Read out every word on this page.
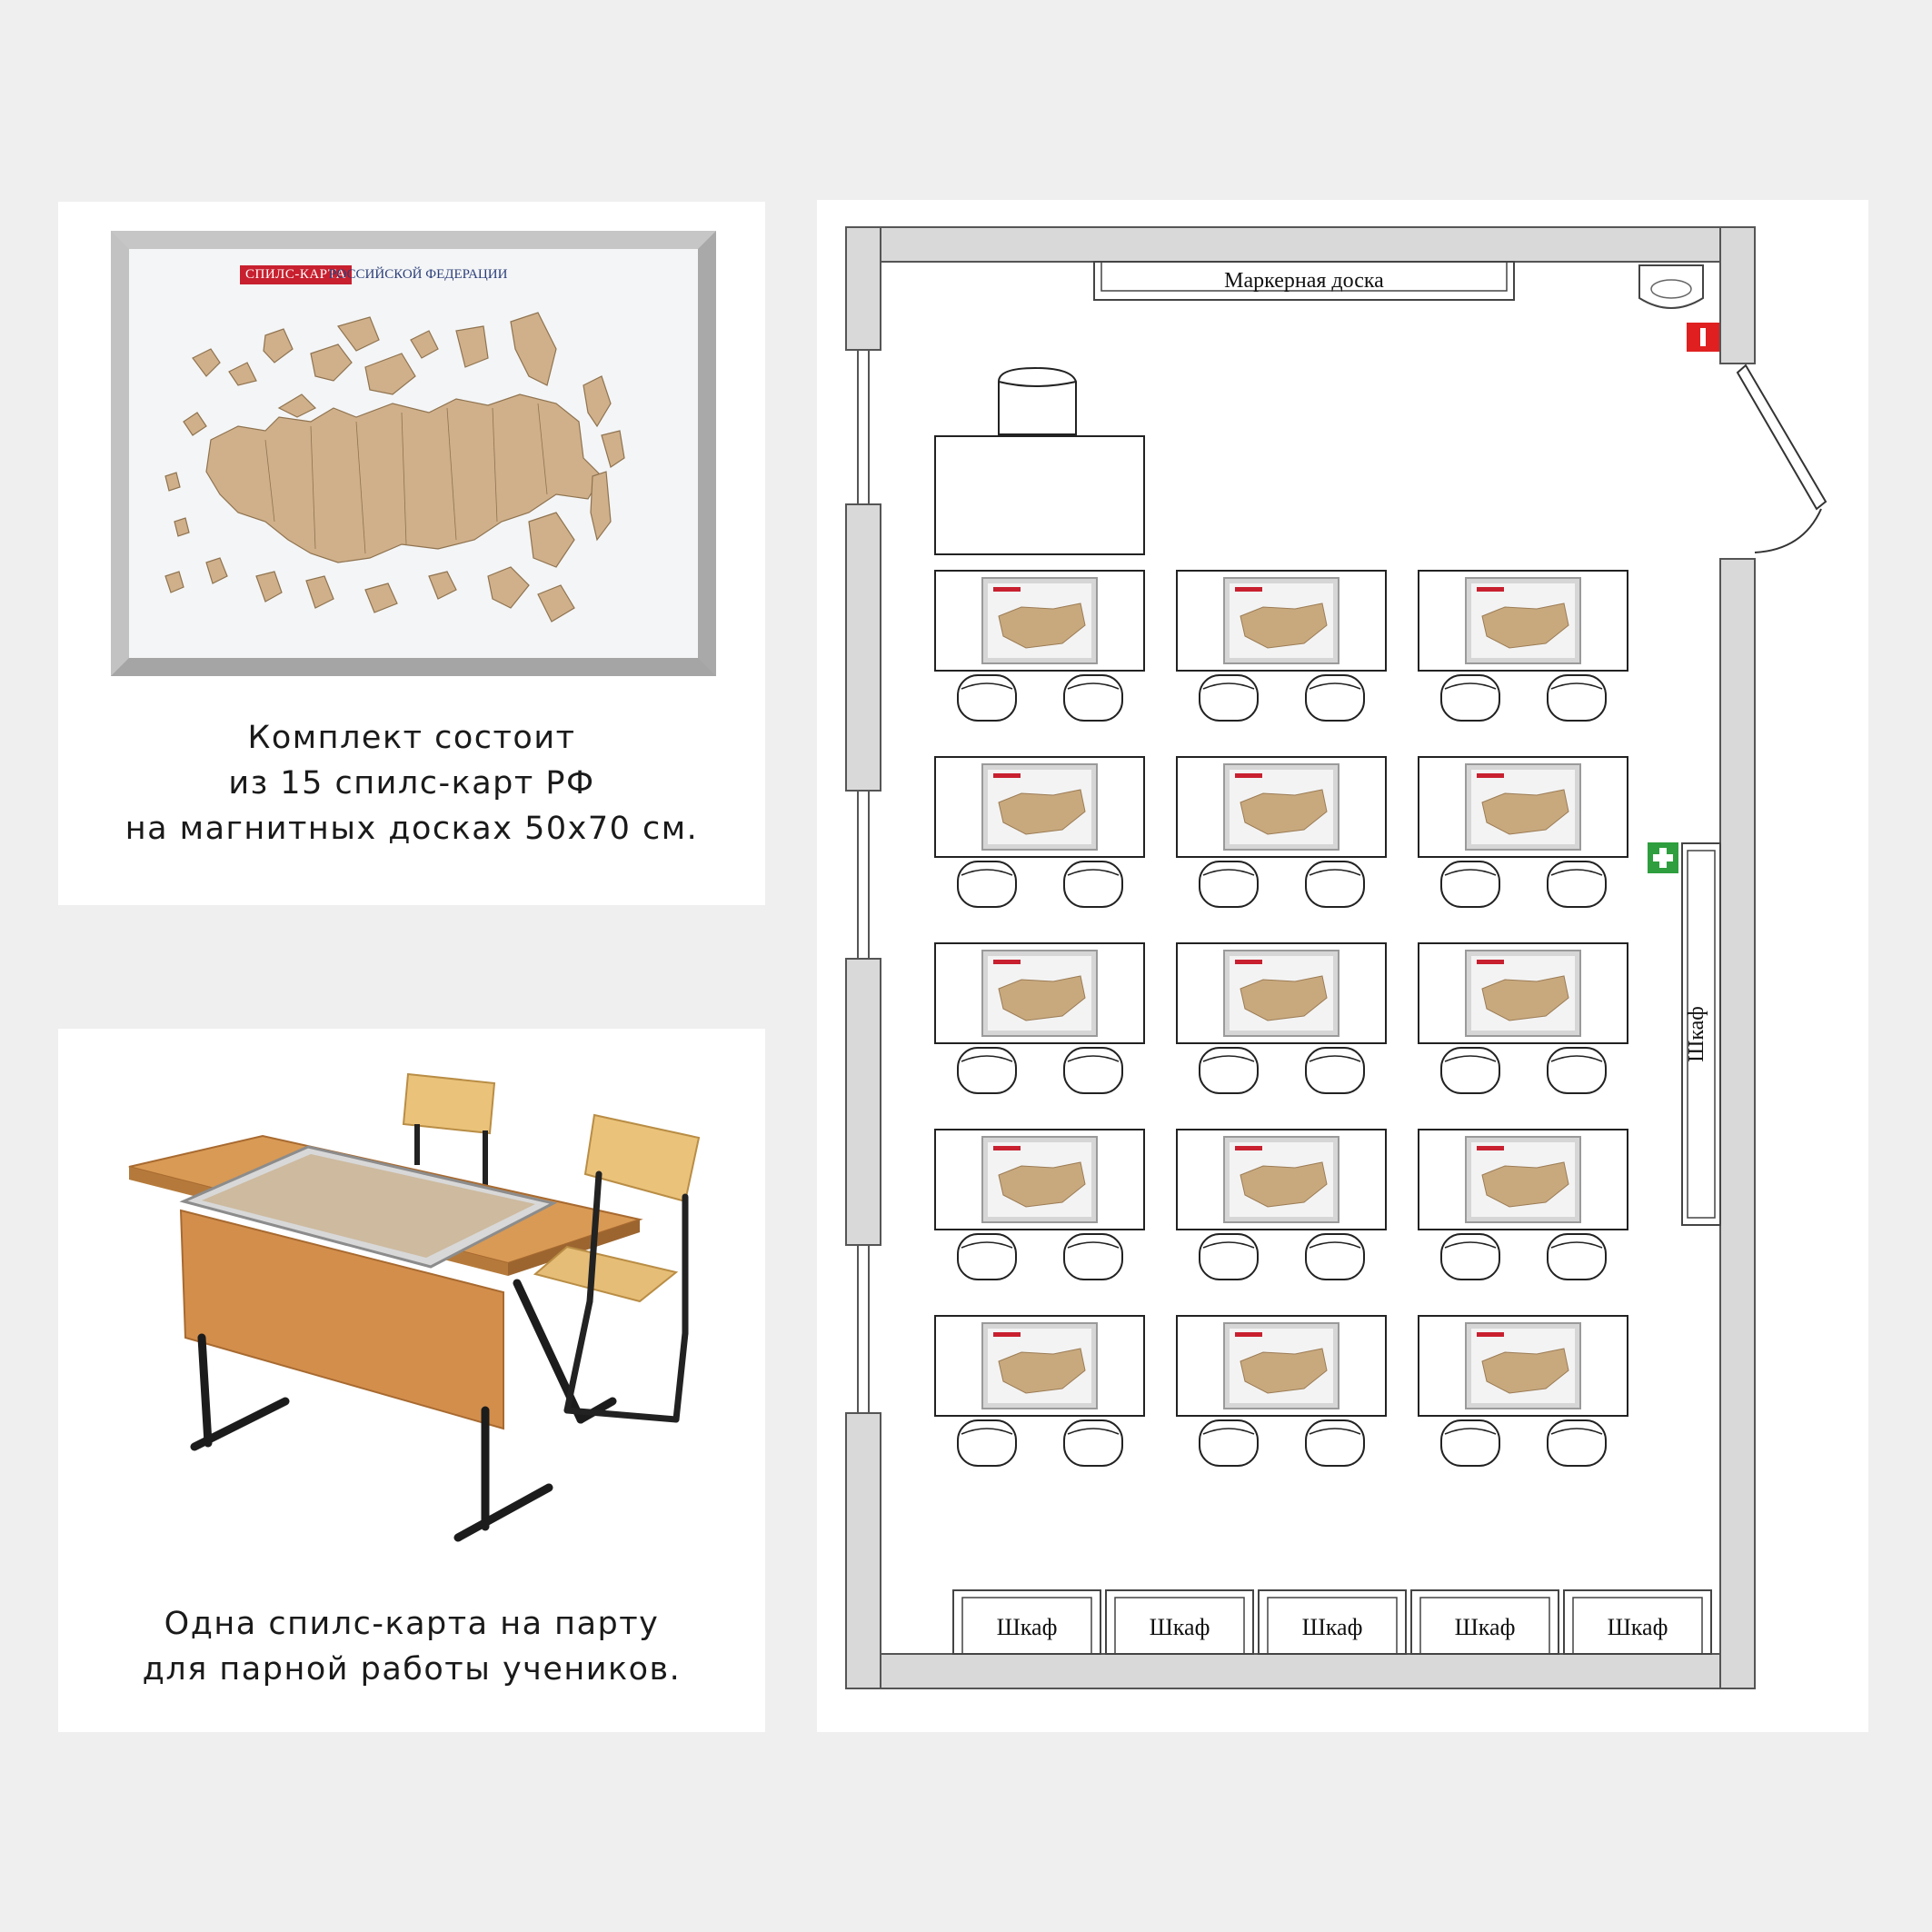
СПИЛС-КАРТА
РОССИЙСКОЙ ФЕДЕРАЦИИ
Комплект состоит
из 15 спилс-карт РФ
на магнитных досках 50х70 см.
Одна спилс-карта на парту
для парной работы учеников.
Маркерная доска
Шкаф
Шкаф	Шкаф	Шкаф	Шкаф	Шкаф
